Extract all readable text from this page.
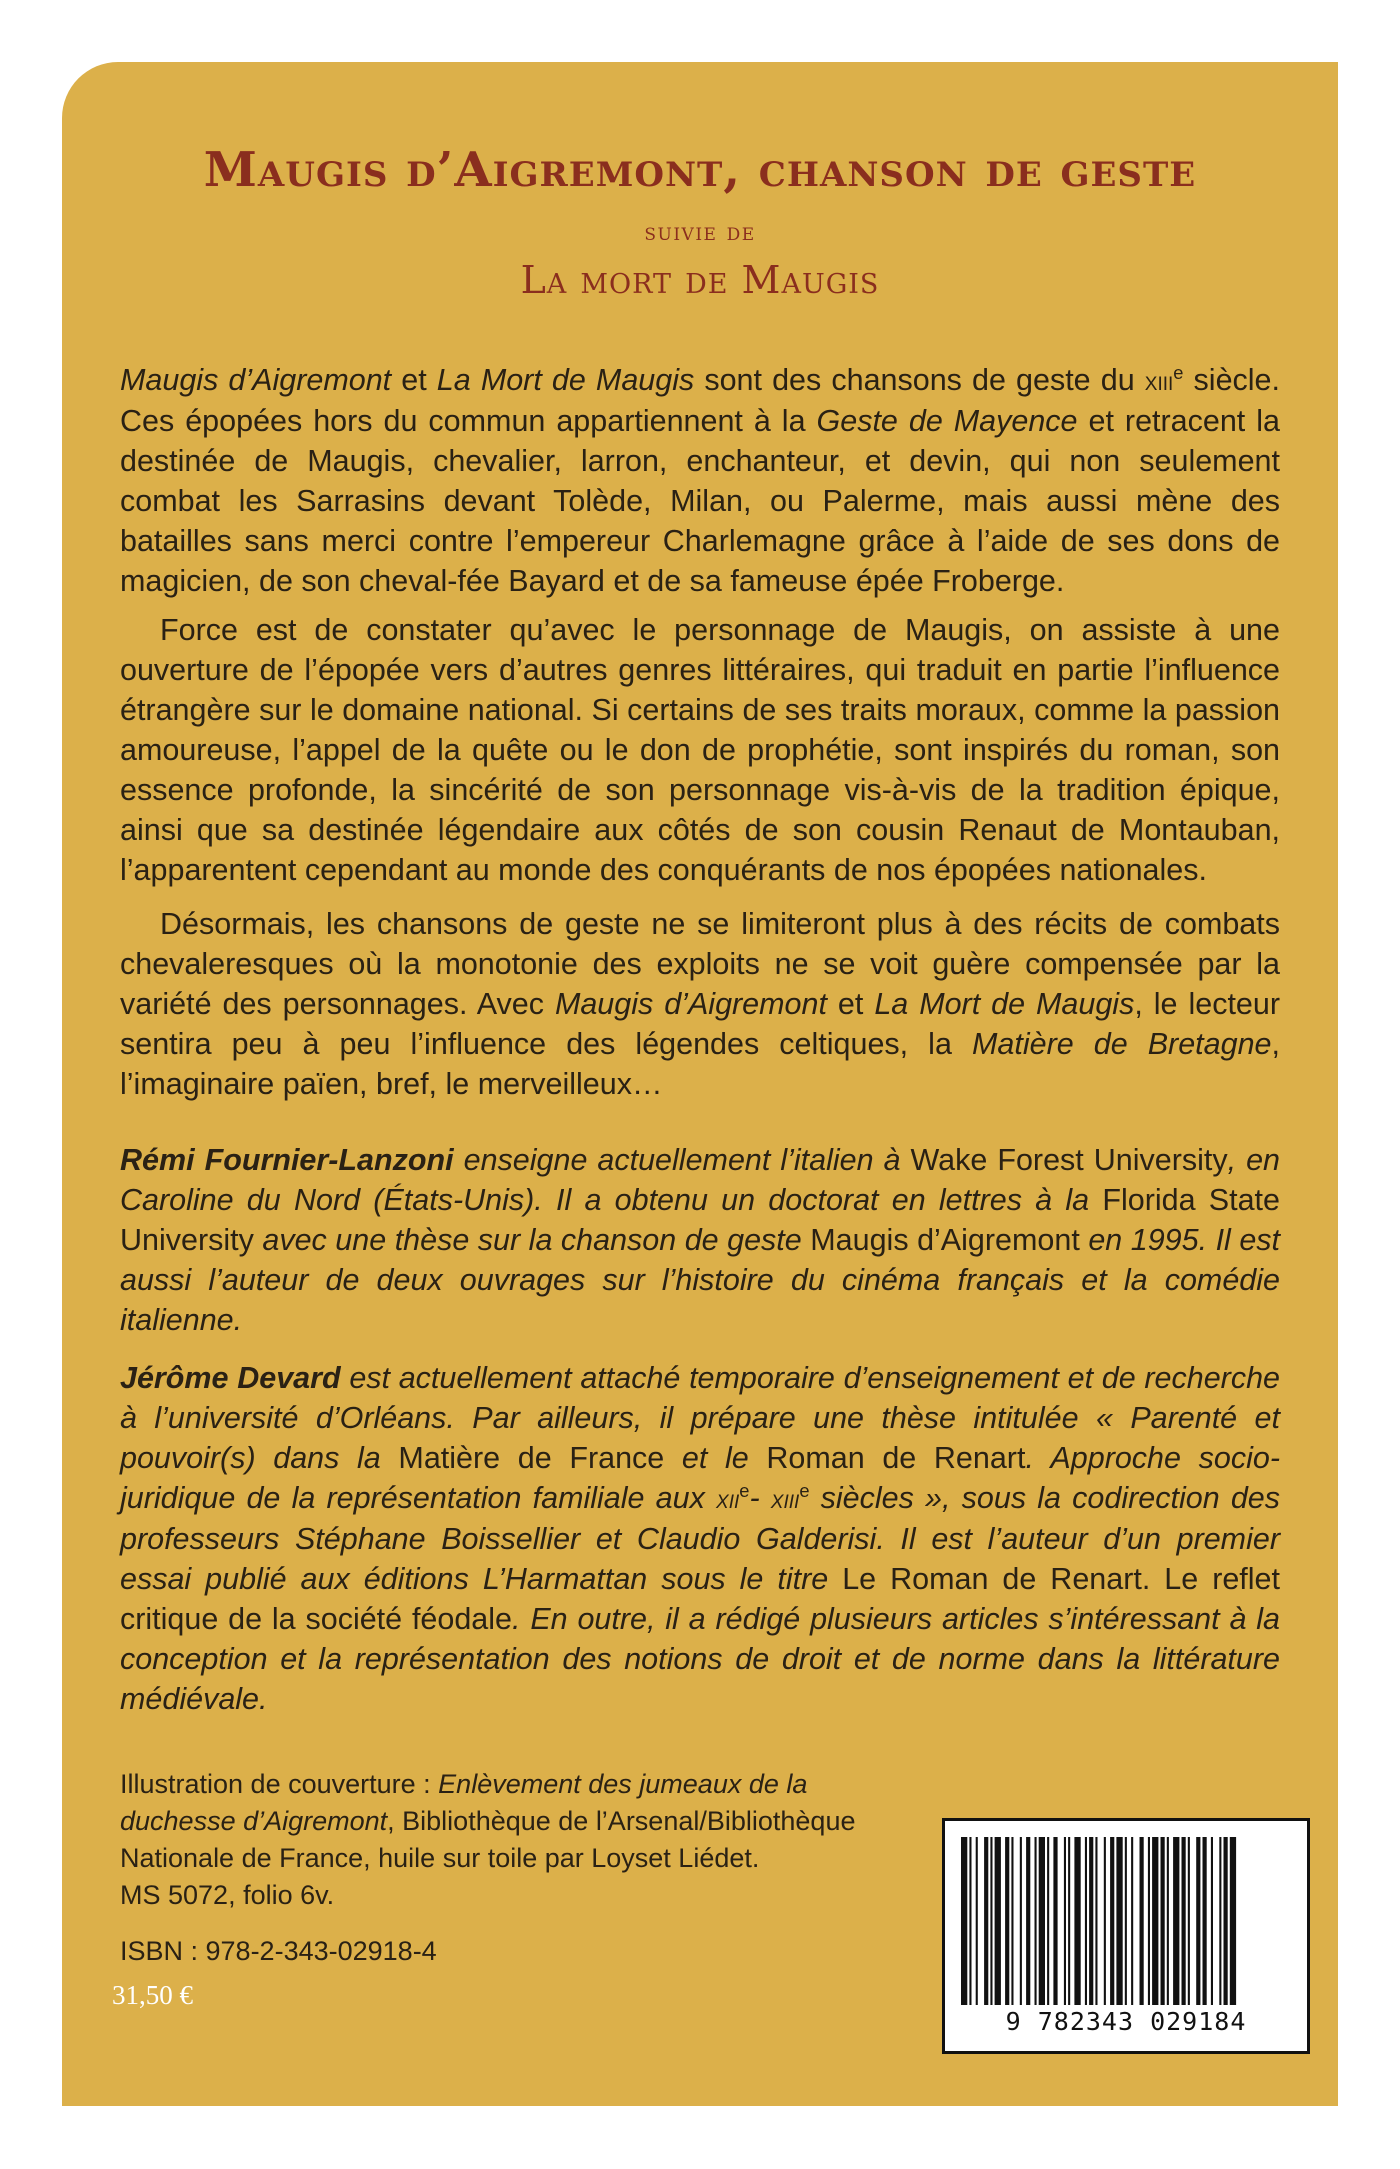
Maugis d’Aigremont, chanson de geste
suivie de
La mort de Maugis

Maugis d’Aigremont et La Mort de Maugis sont des chansons de geste du xiii$^e$ siècle. Ces épopées hors du commun appartiennent à la Geste de Mayence et retracent la destinée de Maugis, chevalier, larron, enchanteur, et devin, qui non seulement combat les Sarrasins devant Tolède, Milan, ou Palerme, mais aussi mène des batailles sans merci contre l’empereur Charlemagne grâce à l’aide de ses dons de magicien, de son cheval-fée Bayard et de sa fameuse épée Froberge.

Force est de constater qu’avec le personnage de Maugis, on assiste à une ouverture de l’épopée vers d’autres genres littéraires, qui traduit en partie l’influence étrangère sur le domaine national. Si certains de ses traits moraux, comme la passion amoureuse, l’appel de la quête ou le don de prophétie, sont inspirés du roman, son essence profonde, la sincérité de son personnage vis-à-vis de la tradition épique, ainsi que sa destinée légendaire aux côtés de son cousin Renaut de Montauban, l’apparentent cependant au monde des conquérants de nos épopées nationales.

Désormais, les chansons de geste ne se limiteront plus à des récits de combats chevaleresques où la monotonie des exploits ne se voit guère compensée par la variété des personnages. Avec Maugis d’Aigremont et La Mort de Maugis, le lecteur sentira peu à peu l’influence des légendes celtiques, la Matière de Bretagne, l’imaginaire païen, bref, le merveilleux…

Rémi Fournier-Lanzoni enseigne actuellement l’italien à Wake Forest University, en Caroline du Nord (États-Unis). Il a obtenu un doctorat en lettres à la Florida State University avec une thèse sur la chanson de geste Maugis d’Aigremont en 1995. Il est aussi l’auteur de deux ouvrages sur l’histoire du cinéma français et la comédie italienne.

Jérôme Devard est actuellement attaché temporaire d’enseignement et de recherche à l’université d’Orléans. Par ailleurs, il prépare une thèse intitulée « Parenté et pouvoir(s) dans la Matière de France et le Roman de Renart. Approche socio-juridique de la représentation familiale aux xii$^e$- xiii$^e$ siècles », sous la codirection des professeurs Stéphane Boissellier et Claudio Galderisi. Il est l’auteur d’un premier essai publié aux éditions L’Harmattan sous le titre Le Roman de Renart. Le reflet critique de la société féodale. En outre, il a rédigé plusieurs articles s’intéressant à la conception et la représentation des notions de droit et de norme dans la littérature médiévale.

Illustration de couverture : Enlèvement des jumeaux de la duchesse d’Aigremont, Bibliothèque de l’Arsenal/Bibliothèque Nationale de France, huile sur toile par Loyset Liédet.
MS 5072, folio 6v.
ISBN : 978-2-343-02918-4
31,50 €
9 782343 029184
